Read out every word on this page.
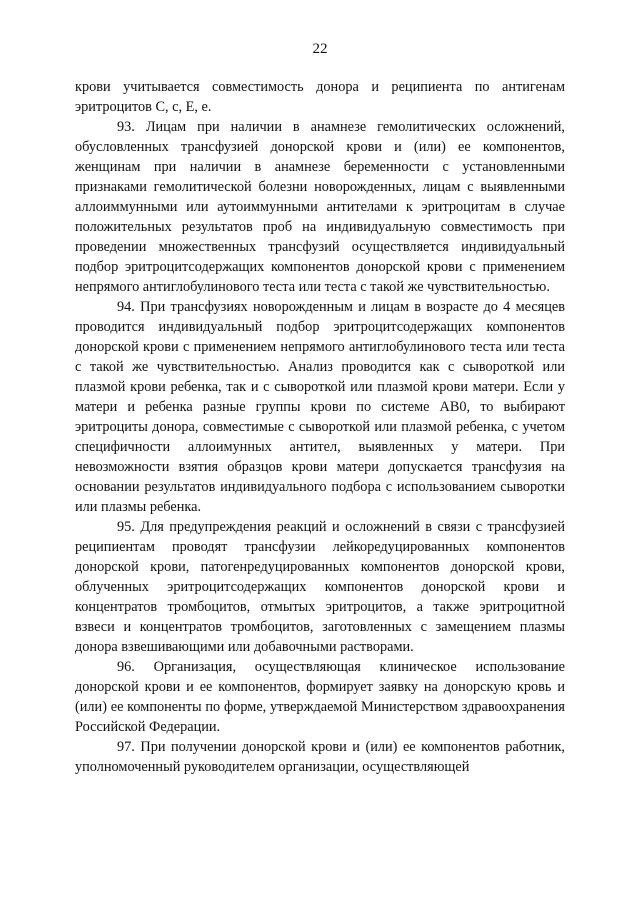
22

крови учитывается совместимость донора и реципиента по антигенам эритроцитов C, c, E, e.

93. Лицам при наличии в анамнезе гемолитических осложнений, обусловленных трансфузией донорской крови и (или) ее компонентов, женщинам при наличии в анамнезе беременности с установленными признаками гемолитической болезни новорожденных, лицам с выявленными аллоиммунными или аутоиммунными антителами к эритроцитам в случае положительных результатов проб на индивидуальную совместимость при проведении множественных трансфузий осуществляется индивидуальный подбор эритроцитсодержащих компонентов донорской крови с применением непрямого антиглобулинового теста или теста с такой же чувствительностью.

94. При трансфузиях новорожденным и лицам в возрасте до 4 месяцев проводится индивидуальный подбор эритроцитсодержащих компонентов донорской крови с применением непрямого антиглобулинового теста или теста с такой же чувствительностью. Анализ проводится как с сывороткой или плазмой крови ребенка, так и с сывороткой или плазмой крови матери. Если у матери и ребенка разные группы крови по системе AB0, то выбирают эритроциты донора, совместимые с сывороткой или плазмой ребенка, с учетом специфичности аллоимунных антител, выявленных у матери. При невозможности взятия образцов крови матери допускается трансфузия на основании результатов индивидуального подбора с использованием сыворотки или плазмы ребенка.

95. Для предупреждения реакций и осложнений в связи с трансфузией реципиентам проводят трансфузии лейкоредуцированных компонентов донорской крови, патогенредуцированных компонентов донорской крови, облученных эритроцитсодержащих компонентов донорской крови и концентратов тромбоцитов, отмытых эритроцитов, а также эритроцитной взвеси и концентратов тромбоцитов, заготовленных с замещением плазмы донора взвешивающими или добавочными растворами.

96. Организация, осуществляющая клиническое использование донорской крови и ее компонентов, формирует заявку на донорскую кровь и (или) ее компоненты по форме, утверждаемой Министерством здравоохранения Российской Федерации.

97. При получении донорской крови и (или) ее компонентов работник, уполномоченный руководителем организации, осуществляющей
